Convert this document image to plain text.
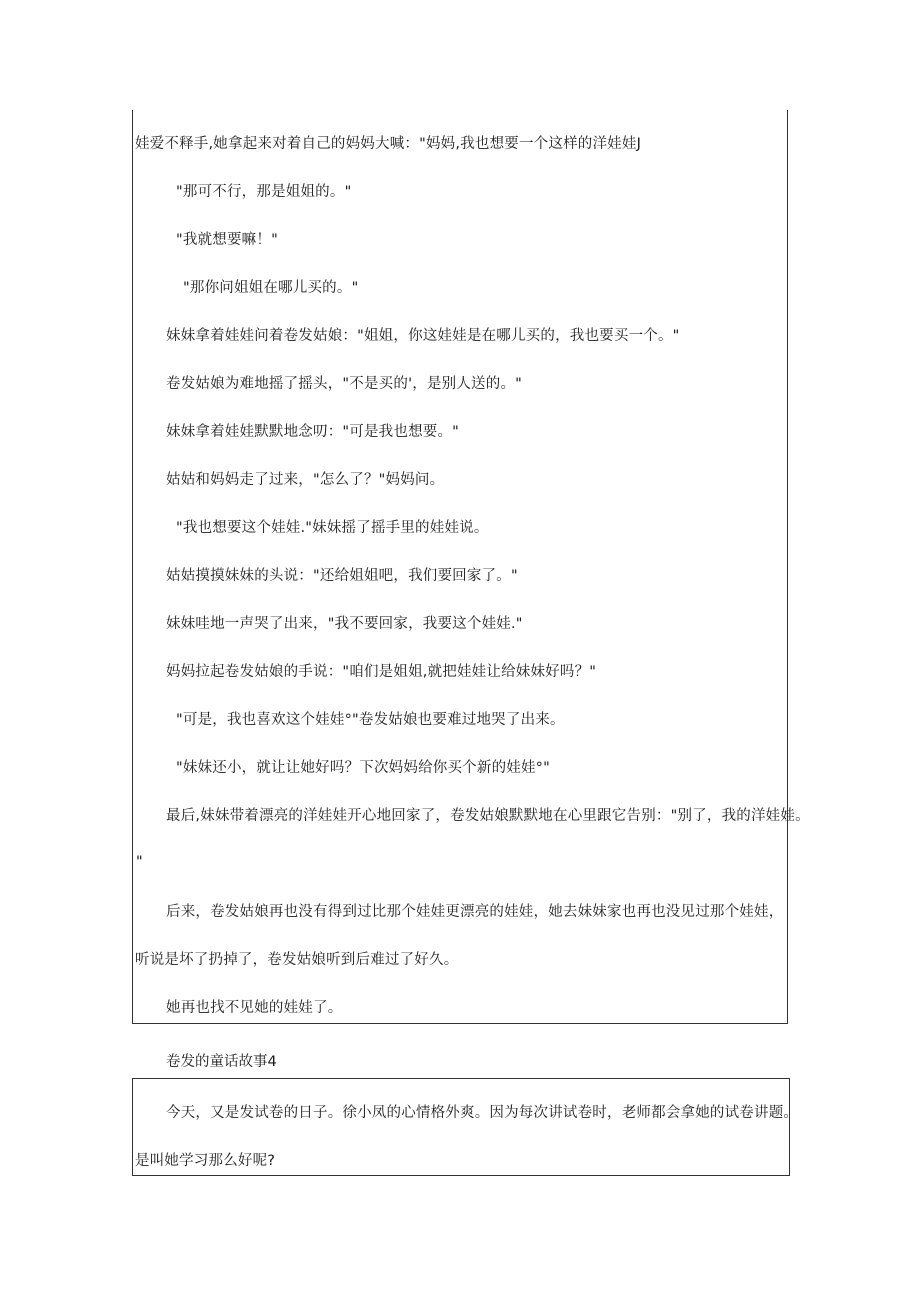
娃爱不释手,她拿起来对着自己的妈妈大喊："妈妈,我也想要一个这样的洋娃娃J
"那可不行，那是姐姐的。"
"我就想要嘛！"
"那你问姐姐在哪儿买的。"
妹妹拿着娃娃问着卷发姑娘："姐姐，你这娃娃是在哪儿买的，我也要买一个。"
卷发姑娘为难地摇了摇头，"不是买的'，是别人送的。"
妹妹拿着娃娃默默地念叨："可是我也想要。"
姑姑和妈妈走了过来，"怎么了？"妈妈问。
"我也想要这个娃娃."妹妹摇了摇手里的娃娃说。
姑姑摸摸妹妹的头说："还给姐姐吧，我们要回家了。"
妹妹哇地一声哭了出来，"我不要回家，我要这个娃娃."
妈妈拉起卷发姑娘的手说："咱们是姐姐,就把娃娃让给妹妹好吗？"
"可是，我也喜欢这个娃娃°"卷发姑娘也要难过地哭了出来。
"妹妹还小，就让让她好吗？下次妈妈给你买个新的娃娃°"
最后,妹妹带着漂亮的洋娃娃开心地回家了，卷发姑娘默默地在心里跟它告别："别了，我的洋娃娃。
"
后来，卷发姑娘再也没有得到过比那个娃娃更漂亮的娃娃，她去妹妹家也再也没见过那个娃娃，
听说是坏了扔掉了，卷发姑娘听到后难过了好久。
她再也找不见她的娃娃了。
卷发的童话故事4
今天，又是发试卷的日子。徐小凤的心情格外爽。因为每次讲试卷时，老师都会拿她的试卷讲题。
是叫她学习那么好呢?
